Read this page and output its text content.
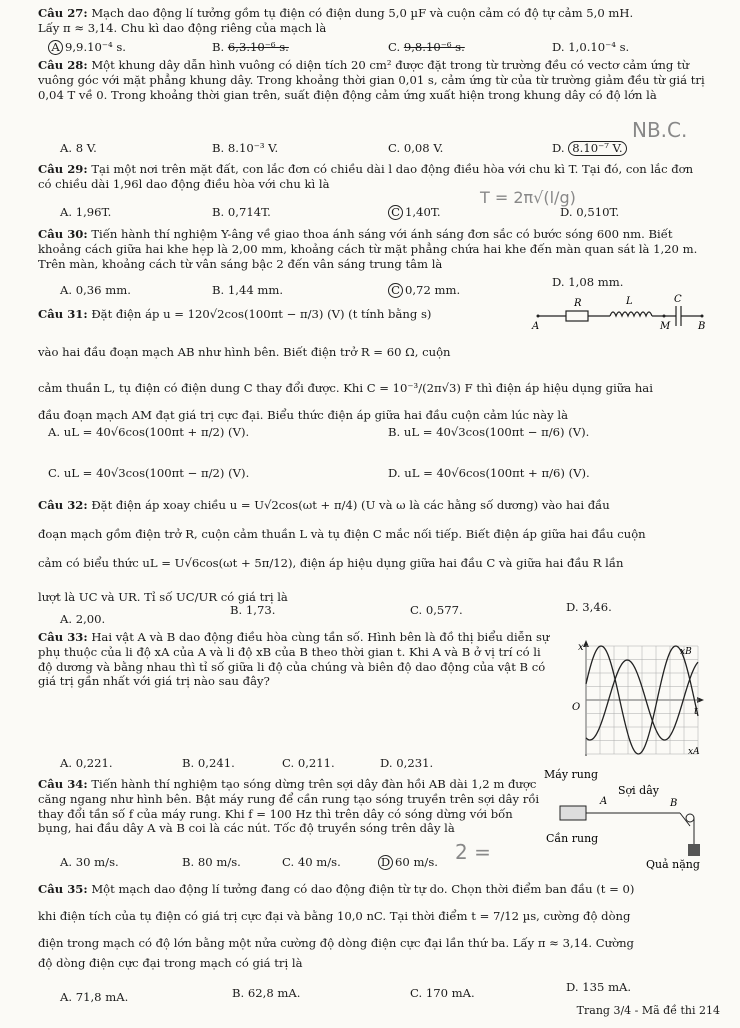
Câu 27: Mạch dao động lí tưởng gồm tụ điện có điện dung 5,0 µF và cuộn cảm có độ tự cảm 5,0 mH.

Lấy π ≈ 3,14. Chu kì dao động riêng của mạch là

A 9,9.10⁻⁴ s.	B. 6,3.10⁻⁶ s.	C. 9,8.10⁻⁶ s.	D. 1,0.10⁻⁴ s.

Câu 28: Một khung dây dẫn hình vuông có diện tích 20 cm² được đặt trong từ trường đều có vectơ cảm ứng từ vuông góc với mặt phẳng khung dây. Trong khoảng thời gian 0,01 s, cảm ứng từ của từ trường giảm đều từ giá trị 0,04 T về 0. Trong khoảng thời gian trên, suất điện động cảm ứng xuất hiện trong khung dây có độ lớn là

A. 8 V.	B. 8.10⁻³ V.	C. 0,08 V.	D. 8.10⁻⁷ V.
NB.C.

Câu 29: Tại một nơi trên mặt đất, con lắc đơn có chiều dài l dao động điều hòa với chu kì T. Tại đó, con lắc đơn có chiều dài 1,96l dao động điều hòa với chu kì là

A. 1,96T.	B. 0,714T.	C 1,40T.	D. 0,510T.
T = 2π√(l/g)

Câu 30: Tiến hành thí nghiệm Y-âng về giao thoa ánh sáng với ánh sáng đơn sắc có bước sóng 600 nm. Biết khoảng cách giữa hai khe hẹp là 2,00 mm, khoảng cách từ mặt phẳng chứa hai khe đến màn quan sát là 1,20 m. Trên màn, khoảng cách từ vân sáng bậc 2 đến vân sáng trung tâm là

A. 0,36 mm.	B. 1,44 mm.	C 0,72 mm.
D. 1,08 mm.

Câu 31: Đặt điện áp u = 120√2cos(100πt − π/3) (V) (t tính bằng s)

vào hai đầu đoạn mạch AB như hình bên. Biết điện trở R = 60 Ω, cuộn

cảm thuần L, tụ điện có điện dung C thay đổi được. Khi C = 10⁻³/(2π√3) F thì điện áp hiệu dụng giữa hai

đầu đoạn mạch AM đạt giá trị cực đại. Biểu thức điện áp giữa hai đầu cuộn cảm lúc này là

R	L	C
A	M	B
A. uL = 40√6cos(100πt + π/2) (V).	B. uL = 40√3cos(100πt − π/6) (V).
C. uL = 40√3cos(100πt − π/2) (V).	D. uL = 40√6cos(100πt + π/6) (V).

Câu 32: Đặt điện áp xoay chiều u = U√2cos(ωt + π/4) (U và ω là các hằng số dương) vào hai đầu

đoạn mạch gồm điện trở R, cuộn cảm thuần L và tụ điện C mắc nối tiếp. Biết điện áp giữa hai đầu cuộn

cảm có biểu thức uL = U√6cos(ωt + 5π/12), điện áp hiệu dụng giữa hai đầu C và giữa hai đầu R lần

lượt là UC và UR. Tỉ số UC/UR có giá trị là

A. 2,00.
B. 1,73.	C. 0,577.	D. 3,46.

Câu 33: Hai vật A và B dao động điều hòa cùng tần số. Hình bên là đồ thị biểu diễn sự phụ thuộc của li độ xA của A và li độ xB của B theo thời gian t. Khi A và B ở vị trí có li độ dương và bằng nhau thì tỉ số giữa li độ của chúng và biên độ dao động của vật B có giá trị gần nhất với giá trị nào sau đây?

x
t
O
xB
xA
A. 0,221.	B. 0,241.	C. 0,211.	D. 0,231.

Câu 34: Tiến hành thí nghiệm tạo sóng dừng trên sợi dây đàn hồi AB dài 1,2 m được căng ngang như hình bên. Bật máy rung để cần rung tạo sóng truyền trên sợi dây rồi thay đổi tần số f của máy rung. Khi f = 100 Hz thì trên dây có sóng dừng với bốn bụng, hai đầu dây A và B coi là các nút. Tốc độ truyền sóng trên dây là

Máy rung
Sợi dây
A	B
Cần rung
Quả nặng
A. 30 m/s.	B. 80 m/s.	C. 40 m/s.	D 60 m/s. 2 =

Câu 35: Một mạch dao động lí tưởng đang có dao động điện từ tự do. Chọn thời điểm ban đầu (t = 0)

khi điện tích của tụ điện có giá trị cực đại và bằng 10,0 nC. Tại thời điểm t = 7/12 µs, cường độ dòng

điện trong mạch có độ lớn bằng một nửa cường độ dòng điện cực đại lần thứ ba. Lấy π ≈ 3,14. Cường

độ dòng điện cực đại trong mạch có giá trị là

A. 71,8 mA.	B. 62,8 mA.	C. 170 mA.	D. 135 mA.
Trang 3/4 - Mã đề thi 214
